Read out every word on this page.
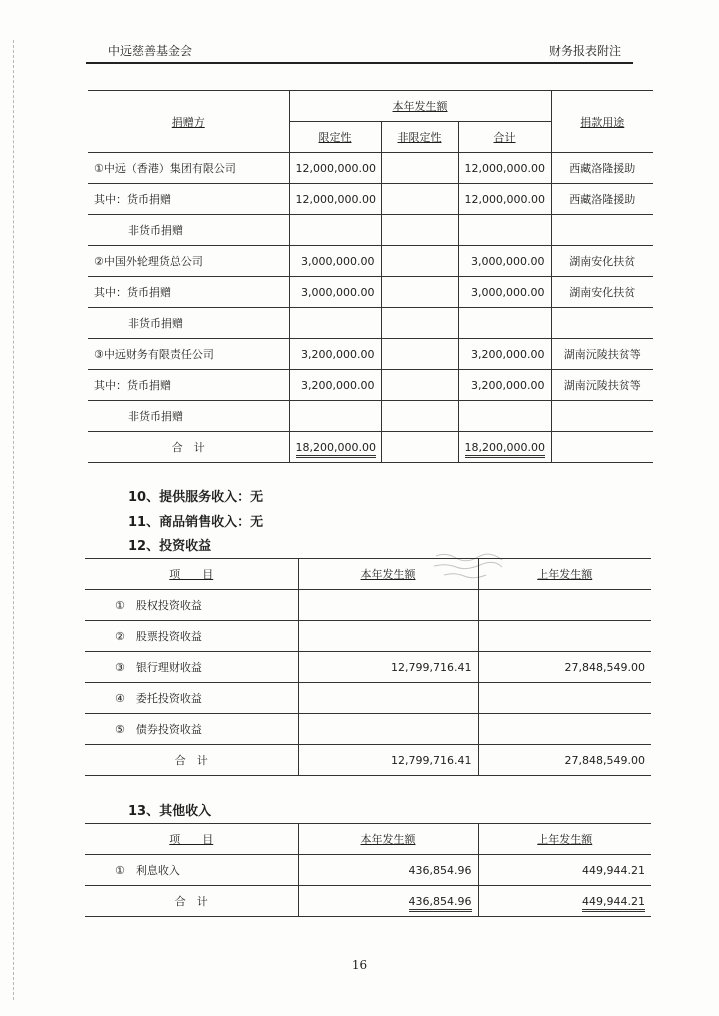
中远慈善基金会	财务报表附注
捐赠方	本年发生额			捐款用途
	限定性	非限定性	合计	
①中远（香港）集团有限公司	12,000,000.00		12,000,000.00	西藏洛隆援助
其中：货币捐赠	12,000,000.00		12,000,000.00	西藏洛隆援助
非货币捐赠				
②中国外轮理货总公司	3,000,000.00		3,000,000.00	湖南安化扶贫
其中：货币捐赠	3,000,000.00		3,000,000.00	湖南安化扶贫
非货币捐赠				
③中远财务有限责任公司	3,200,000.00		3,200,000.00	湖南沅陵扶贫等
其中：货币捐赠	3,200,000.00		3,200,000.00	湖南沅陵扶贫等
非货币捐赠				
合　计	18,200,000.00		18,200,000.00	
10、提供服务收入：无
11、商品销售收入：无
12、投资收益
项　　目	本年发生额	上年发生额
①　 股权投资收益		
②　 股票投资收益		
③　 银行理财收益	12,799,716.41	27,848,549.00
④　 委托投资收益		
⑤　 债券投资收益		
合　计	12,799,716.41	27,848,549.00
13、其他收入
项　　目	本年发生额	上年发生额
①　 利息收入	436,854.96	449,944.21
合　计	436,854.96	449,944.21
16
